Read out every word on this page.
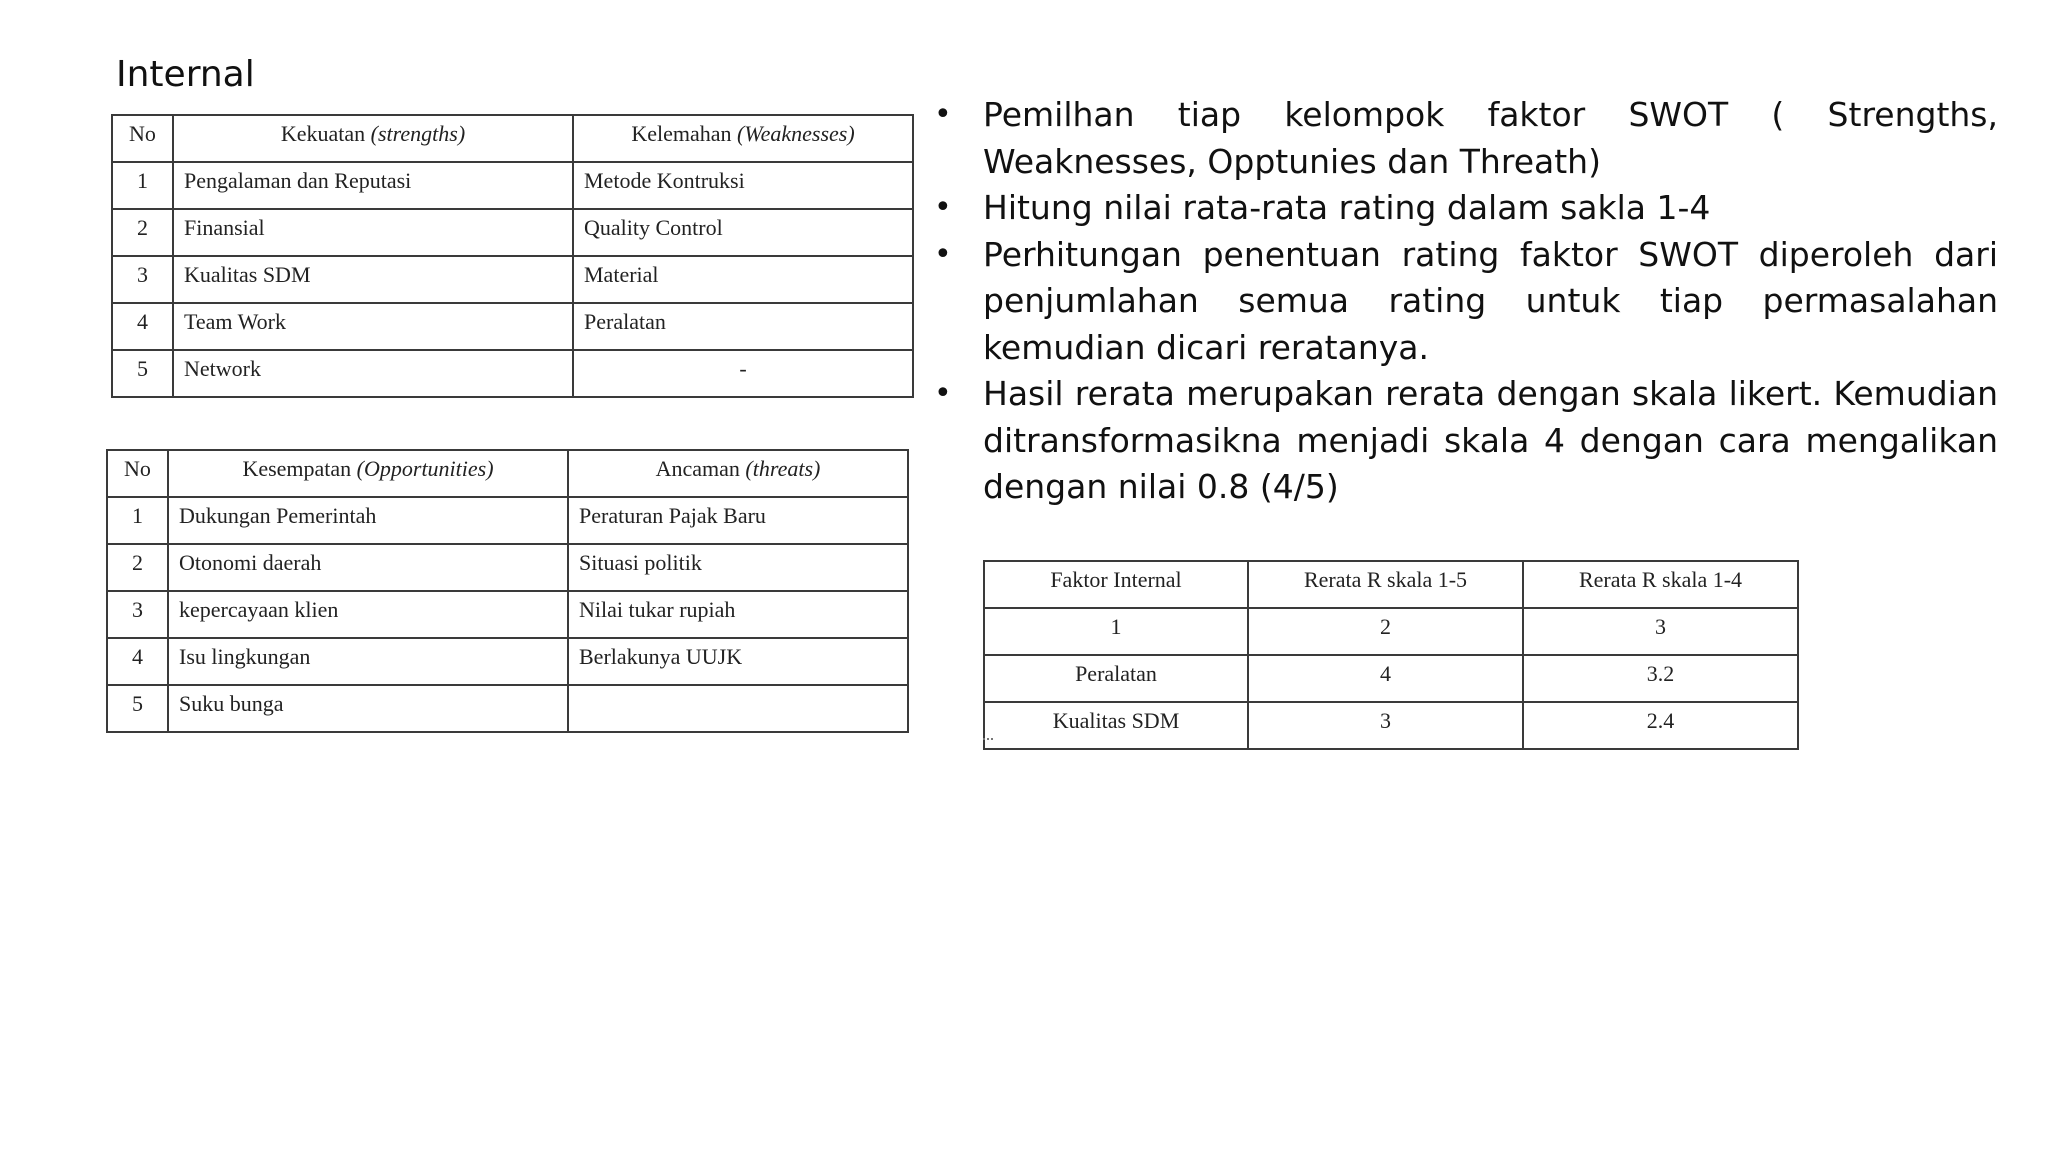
Internal
No	Kekuatan (strengths)	Kelemahan (Weaknesses)
1	Pengalaman dan Reputasi	Metode Kontruksi
2	Finansial	Quality Control
3	Kualitas SDM	Material
4	Team Work	Peralatan
5	Network	-
No	Kesempatan (Opportunities)	Ancaman (threats)
1	Dukungan Pemerintah	Peraturan Pajak Baru
2	Otonomi daerah	Situasi politik
3	kepercayaan klien	Nilai tukar rupiah
4	Isu lingkungan	Berlakunya UUJK
5	Suku bunga	
• Pemilhan tiap kelompok faktor SWOT ( Strengths, Weaknesses, Opptunies dan Threath)
• Hitung nilai rata-rata rating dalam sakla 1-4
• Perhitungan penentuan rating faktor SWOT diperoleh dari penjumlahan semua rating untuk tiap permasalahan kemudian dicari reratanya.
• Hasil rerata merupakan rerata dengan skala likert. Kemudian ditransformasikna menjadi skala 4 dengan cara mengalikan dengan nilai 0.8 (4/5)
Faktor Internal	Rerata R skala 1-5	Rerata R skala 1-4
1	2	3
Peralatan	4	3.2
Kualitas SDM	3	2.4
